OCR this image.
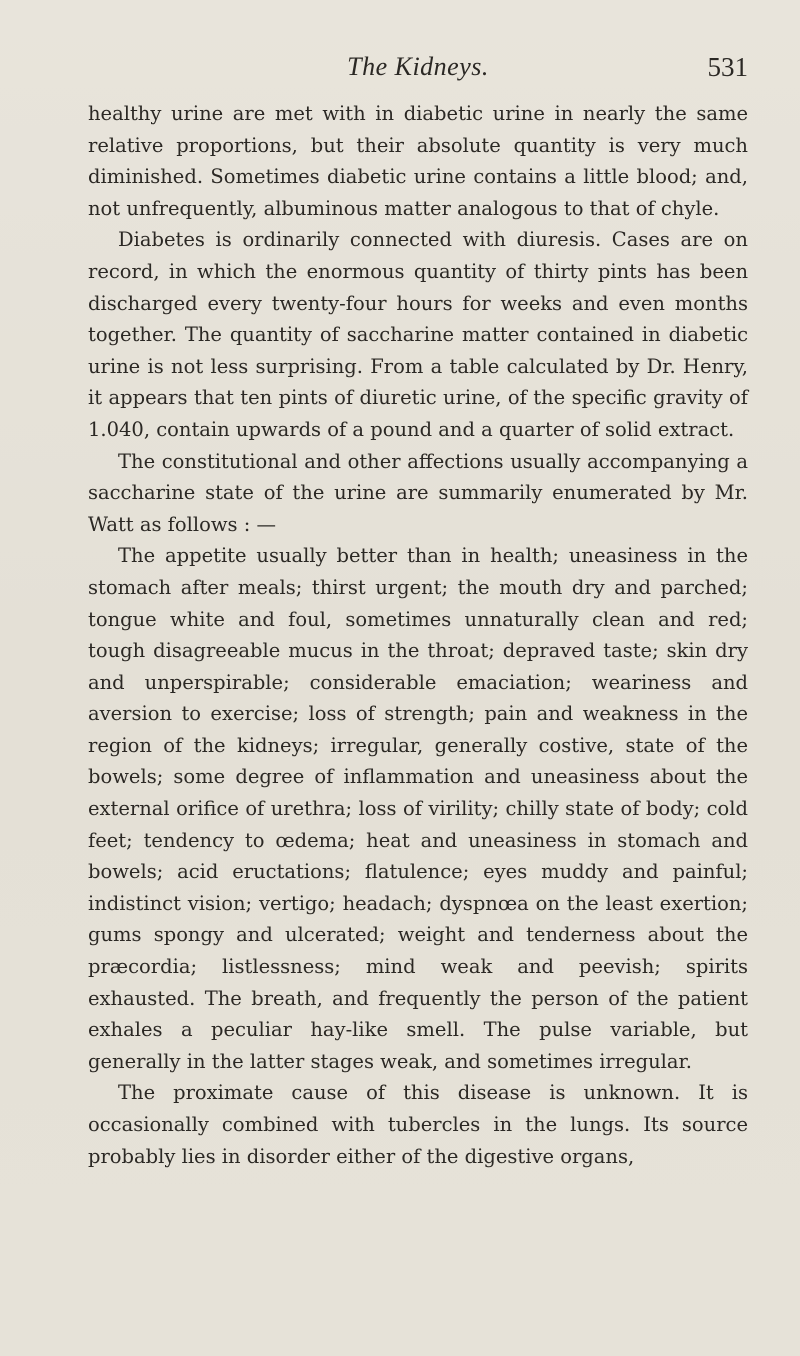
The Kidneys.	531

healthy urine are met with in diabetic urine in nearly the same relative proportions, but their absolute quantity is very much diminished. Sometimes diabetic urine contains a little blood; and, not unfrequently, albuminous matter analogous to that of chyle.

Diabetes is ordinarily connected with diuresis. Cases are on record, in which the enormous quantity of thirty pints has been discharged every twenty-four hours for weeks and even months together. The quantity of saccharine matter contained in diabetic urine is not less surprising. From a table calculated by Dr. Henry, it appears that ten pints of diuretic urine, of the specific gravity of 1.040, contain upwards of a pound and a quarter of solid extract.

The constitutional and other affections usually accompanying a saccharine state of the urine are summarily enumerated by Mr. Watt as follows : —

The appetite usually better than in health; uneasiness in the stomach after meals; thirst urgent; the mouth dry and parched; tongue white and foul, sometimes unnaturally clean and red; tough disagreeable mucus in the throat; depraved taste; skin dry and unperspirable; considerable emaciation; weariness and aversion to exercise; loss of strength; pain and weakness in the region of the kidneys; irregular, generally costive, state of the bowels; some degree of inflammation and uneasiness about the external orifice of urethra; loss of virility; chilly state of body; cold feet; tendency to œdema; heat and uneasiness in stomach and bowels; acid eructations; flatulence; eyes muddy and painful; indistinct vision; vertigo; headach; dyspnœa on the least exertion; gums spongy and ulcerated; weight and tenderness about the præcordia; listlessness; mind weak and peevish; spirits exhausted. The breath, and frequently the person of the patient exhales a peculiar hay-like smell. The pulse variable, but generally in the latter stages weak, and sometimes irregular.

The proximate cause of this disease is unknown. It is occasionally combined with tubercles in the lungs. Its source probably lies in disorder either of the digestive organs,
